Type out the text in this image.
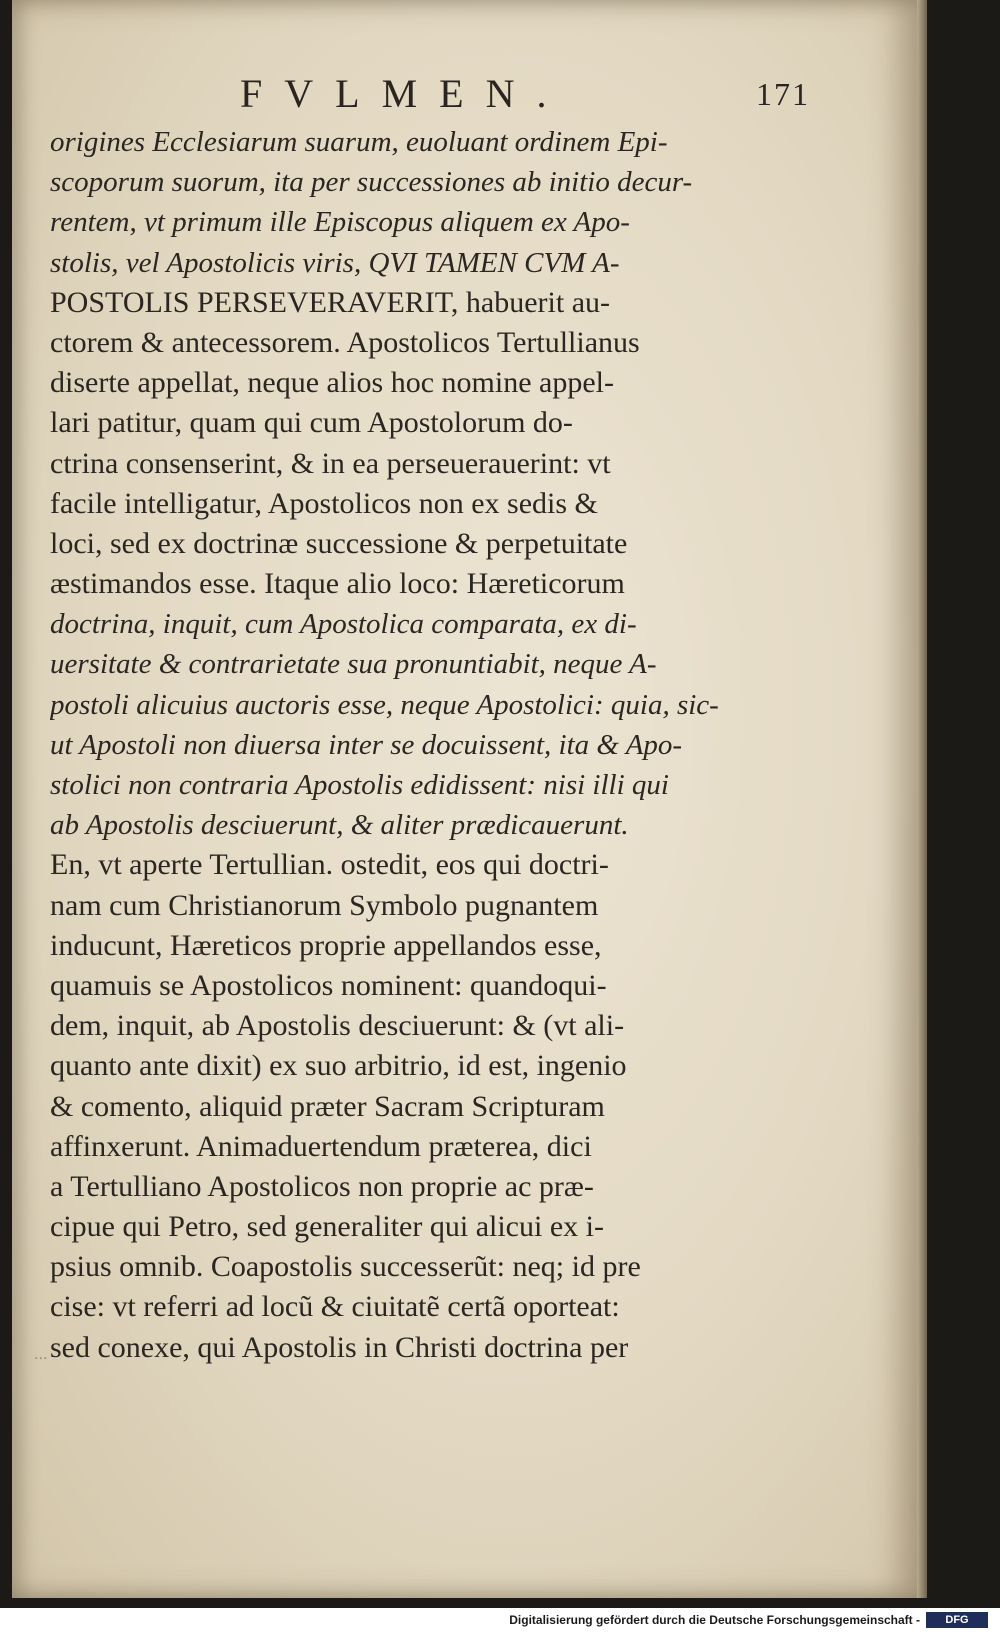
FVLMEN.	171
origines Ecclesiarum suarum, euoluant ordinem Epi-
scoporum suorum, ita per successiones ab initio decur-
rentem, vt primum ille Episcopus aliquem ex Apo-
stolis, vel Apostolicis viris, QVI TAMEN CVM A-
POSTOLIS PERSEVERAVERIT, habuerit au-
ctorem & antecessorem. Apostolicos Tertullianus
diserte appellat, neque alios hoc nomine appel-
lari patitur, quam qui cum Apostolorum do-
ctrina consenserint, & in ea perseuerauerint: vt
facile intelligatur, Apostolicos non ex sedis &
loci, sed ex doctrinæ successione & perpetuitate
æstimandos esse. Itaque alio loco: Hæreticorum
doctrina, inquit, cum Apostolica comparata, ex di-
uersitate & contrarietate sua pronuntiabit, neque A-
postoli alicuius auctoris esse, neque Apostolici: quia, sic-
ut Apostoli non diuersa inter se docuissent, ita & Apo-
stolici non contraria Apostolis edidissent: nisi illi qui
ab Apostolis desciuerunt, & aliter prædicauerunt.
En, vt aperte Tertullian. ostedit, eos qui doctri-
nam cum Christianorum Symbolo pugnantem
inducunt, Hæreticos proprie appellandos esse,
quamuis se Apostolicos nominent: quandoqui-
dem, inquit, ab Apostolis desciuerunt: & (vt ali-
quanto ante dixit) ex suo arbitrio, id est, ingenio
& comento, aliquid præter Sacram Scripturam
affinxerunt. Animaduertendum præterea, dici
a Tertulliano Apostolicos non proprie ac præ-
cipue qui Petro, sed generaliter qui alicui ex i-
psius omnib. Coapostolis successerũt: neq; id pre
cise: vt referri ad locũ & ciuitatẽ certã oporteat:
sed conexe, qui Apostolis in Christi doctrina per
...
Digitalisierung gefördert durch die Deutsche Forschungsgemeinschaft -	DFG
